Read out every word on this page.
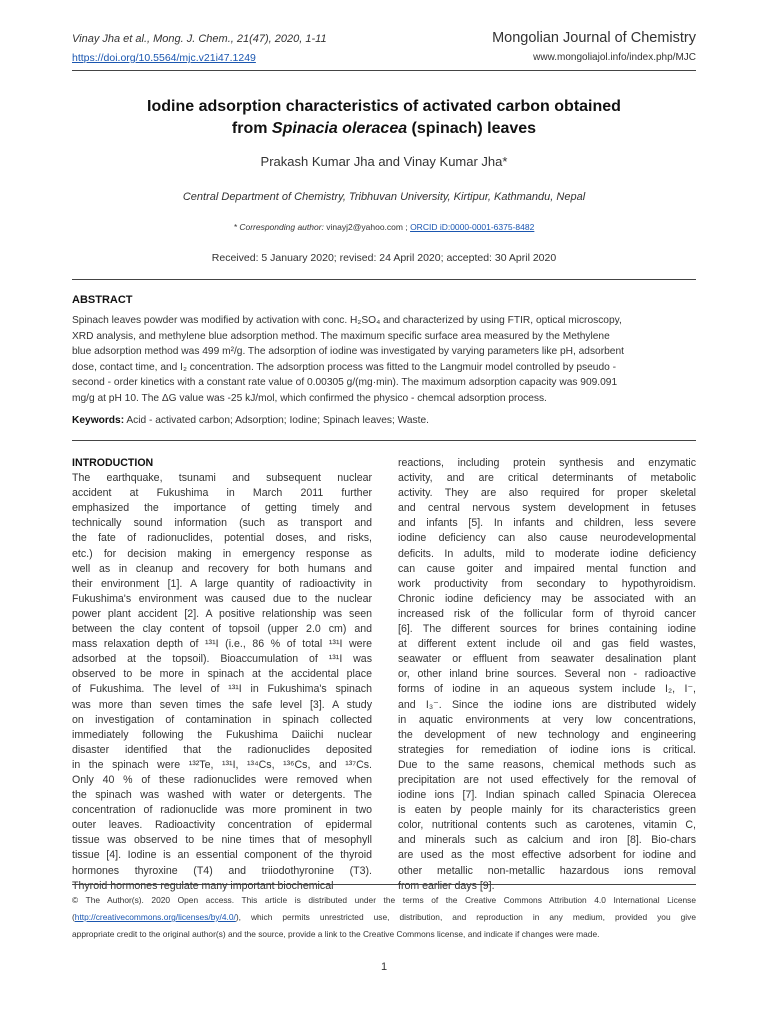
Vinay Jha et al., Mong. J. Chem., 21(47), 2020, 1-11	Mongolian Journal of Chemistry
https://doi.org/10.5564/mjc.v21i47.1249	www.mongoliajol.info/index.php/MJC
Iodine adsorption characteristics of activated carbon obtained
from Spinacia oleracea (spinach) leaves
Prakash Kumar Jha and Vinay Kumar Jha*
Central Department of Chemistry, Tribhuvan University, Kirtipur, Kathmandu, Nepal
* Corresponding author: vinayj2@yahoo.com ; ORCID iD:0000-0001-6375-8482
Received: 5 January 2020; revised: 24 April 2020; accepted: 30 April 2020
ABSTRACT
Spinach leaves powder was modified by activation with conc. H₂SO₄ and characterized by using FTIR, optical microscopy,
XRD analysis, and methylene blue adsorption method. The maximum specific surface area measured by the Methylene
blue adsorption method was 499 m²/g. The adsorption of iodine was investigated by varying parameters like pH, adsorbent
dose, contact time, and I₂ concentration. The adsorption process was fitted to the Langmuir model controlled by pseudo -
second - order kinetics with a constant rate value of 0.00305 g/(mg·min). The maximum adsorption capacity was 909.091
mg/g at pH 10. The ΔG value was -25 kJ/mol, which confirmed the physico - chemcal adsorption process.
Keywords: Acid - activated carbon; Adsorption; Iodine; Spinach leaves; Waste.
INTRODUCTION
The earthquake, tsunami and subsequent nuclear
accident at Fukushima in March 2011 further
emphasized the importance of getting timely and
technically sound information (such as transport and
the fate of radionuclides, potential doses, and risks,
etc.) for decision making in emergency response as
well as in cleanup and recovery for both humans and
their environment [1]. A large quantity of radioactivity in
Fukushima's environment was caused due to the nuclear
power plant accident [2]. A positive relationship was seen
between the clay content of topsoil (upper 2.0 cm) and
mass relaxation depth of ¹³¹I (i.e., 86 % of total ¹³¹I were
adsorbed at the topsoil). Bioaccumulation of ¹³¹I was
observed to be more in spinach at the accidental place
of Fukushima. The level of ¹³¹I in Fukushima's spinach
was more than seven times the safe level [3]. A study
on investigation of contamination in spinach collected
immediately following the Fukushima Daiichi nuclear
disaster identified that the radionuclides deposited
in the spinach were ¹³²Te, ¹³¹I, ¹³⁴Cs, ¹³⁶Cs, and ¹³⁷Cs.
Only 40 % of these radionuclides were removed when
the spinach was washed with water or detergents. The
concentration of radionuclide was more prominent in two
outer leaves. Radioactivity concentration of epidermal
tissue was observed to be nine times that of mesophyll
tissue [4]. Iodine is an essential component of the thyroid
hormones thyroxine (T4) and triiodothyronine (T3).
Thyroid hormones regulate many important biochemical
reactions, including protein synthesis and enzymatic
activity, and are critical determinants of metabolic
activity. They are also required for proper skeletal
and central nervous system development in fetuses
and infants [5]. In infants and children, less severe
iodine deficiency can also cause neurodevelopmental
deficits. In adults, mild to moderate iodine deficiency
can cause goiter and impaired mental function and
work productivity from secondary to hypothyroidism.
Chronic iodine deficiency may be associated with an
increased risk of the follicular form of thyroid cancer
[6]. The different sources for brines containing iodine
at different extent include oil and gas field wastes,
seawater or effluent from seawater desalination plant
or, other inland brine sources. Several non - radioactive
forms of iodine in an aqueous system include I₂, I⁻,
and I₃⁻. Since the iodine ions are distributed widely
in aquatic environments at very low concentrations,
the development of new technology and engineering
strategies for remediation of iodine ions is critical.
Due to the same reasons, chemical methods such as
precipitation are not used effectively for the removal of
iodine ions [7]. Indian spinach called Spinacia Olerecea
is eaten by people mainly for its characteristics green
color, nutritional contents such as carotenes, vitamin C,
and minerals such as calcium and iron [8]. Bio-chars
are used as the most effective adsorbent for iodine and
other metallic non-metallic hazardous ions removal
from earlier days [9].
© The Author(s). 2020 Open access. This article is distributed under the terms of the Creative Commons Attribution 4.0 International License
(http://creativecommons.org/licenses/by/4.0/), which permits unrestricted use, distribution, and reproduction in any medium, provided you give
appropriate credit to the original author(s) and the source, provide a link to the Creative Commons license, and indicate if changes were made.
1
